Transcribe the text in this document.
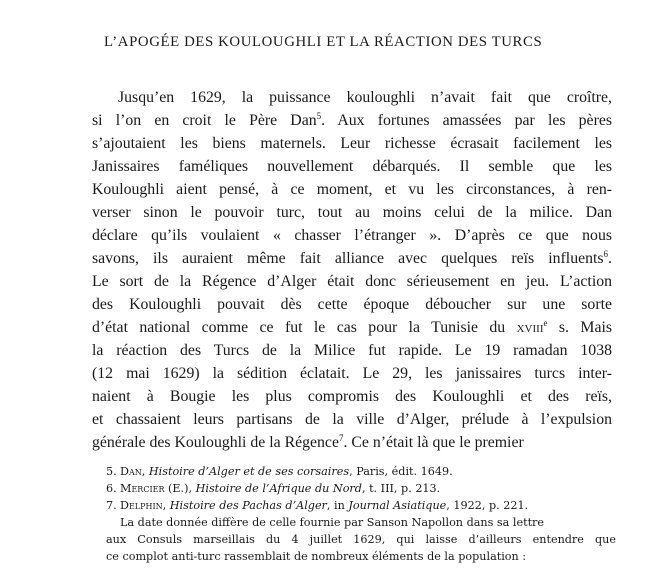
L’APOGÉE DES KOULOUGHLI ET LA RÉACTION DES TURCS
Jusqu’en 1629, la puissance kouloughli n’avait fait que croître,
si l’on en croit le Père Dan$^5$. Aux fortunes amassées par les pères
s’ajoutaient les biens maternels. Leur richesse écrasait facilement les
Janissaires faméliques nouvellement débarqués. Il semble que les
Kouloughli aient pensé, à ce moment, et vu les circonstances, à ren-
verser sinon le pouvoir turc, tout au moins celui de la milice. Dan
déclare qu’ils voulaient « chasser l’étranger ». D’après ce que nous
savons, ils auraient même fait alliance avec quelques reïs influents$^6$.
Le sort de la Régence d’Alger était donc sérieusement en jeu. L’action
des Kouloughli pouvait dès cette époque déboucher sur une sorte
d’état national comme ce fut le cas pour la Tunisie du xviii$^e$ s. Mais
la réaction des Turcs de la Milice fut rapide. Le 19 ramadan 1038
(12 mai 1629) la sédition éclatait. Le 29, les janissaires turcs inter-
naient à Bougie les plus compromis des Kouloughli et des reïs,
et chassaient leurs partisans de la ville d’Alger, prélude à l’expulsion
générale des Kouloughli de la Régence$^7$. Ce n’était là que le premier
5. Dan, Histoire d’Alger et de ses corsaires, Paris, édit. 1649.
6. Mercier (E.), Histoire de l’Afrique du Nord, t. III, p. 213.
7. Delphin, Histoire des Pachas d’Alger, in Journal Asiatique, 1922, p. 221.
La date donnée diffère de celle fournie par Sanson Napollon dans sa lettre
aux Consuls marseillais du 4 juillet 1629, qui laisse d’ailleurs entendre que
ce complot anti-turc rassemblait de nombreux éléments de la population :
